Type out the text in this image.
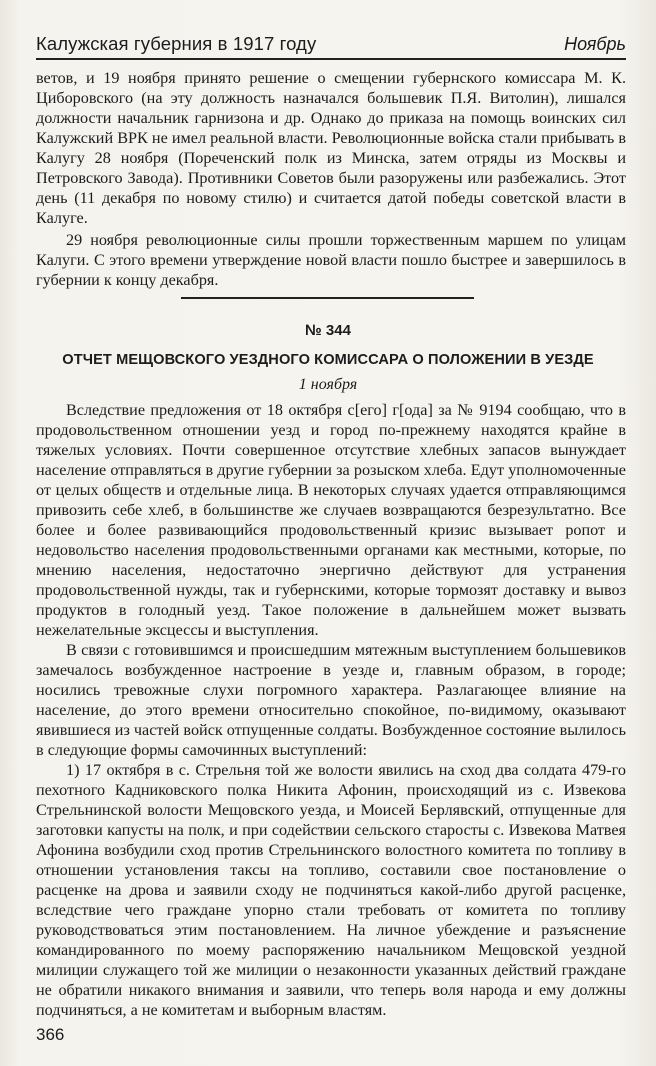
Калужская губерния в 1917 году	Ноябрь

ветов, и 19 ноября принято решение о смещении губернского комиссара М. К. Циборовского (на эту должность назначался большевик П.Я. Витолин), лишался должности начальник гарнизона и др. Однако до приказа на помощь воинских сил Калужский ВРК не имел реальной власти. Революционные войска стали прибывать в Калугу 28 ноября (Пореченский полк из Минска, затем отряды из Москвы и Петровского Завода). Противники Советов были разоружены или разбежались. Этот день (11 декабря по новому стилю) и считается датой победы советской власти в Калуге.

29 ноября революционные силы прошли торжественным маршем по улицам Калуги. С этого времени утверждение новой власти пошло быстрее и завершилось в губернии к концу декабря.

№ 344
ОТЧЕТ МЕЩОВСКОГО УЕЗДНОГО КОМИССАРА О ПОЛОЖЕНИИ В УЕЗДЕ
1 ноября

Вследствие предложения от 18 октября с[его] г[ода] за № 9194 сообщаю, что в продовольственном отношении уезд и город по-прежнему находятся крайне в тяжелых условиях. Почти совершенное отсутствие хлебных запасов вынуждает население отправляться в другие губернии за розыском хлеба. Едут уполномоченные от целых обществ и отдельные лица. В некоторых случаях удается отправляющимся привозить себе хлеб, в большинстве же случаев возвращаются безрезультатно. Все более и более развивающийся продовольственный кризис вызывает ропот и недовольство населения продовольственными органами как местными, которые, по мнению населения, недостаточно энергично действуют для устранения продовольственной нужды, так и губернскими, которые тормозят доставку и вывоз продуктов в голодный уезд. Такое положение в дальнейшем может вызвать нежелательные эксцессы и выступления.

В связи с готовившимся и происшедшим мятежным выступлением большевиков замечалось возбужденное настроение в уезде и, главным образом, в городе; носились тревожные слухи погромного характера. Разлагающее влияние на население, до этого времени относительно спокойное, по-видимому, оказывают явившиеся из частей войск отпущенные солдаты. Возбужденное состояние вылилось в следующие формы самочинных выступлений:

1) 17 октября в с. Стрельня той же волости явились на сход два солдата 479-го пехотного Кадниковского полка Никита Афонин, происходящий из с. Извекова Стрельнинской волости Мещовского уезда, и Моисей Берлявский, отпущенные для заготовки капусты на полк, и при содействии сельского старосты с. Извекова Матвея Афонина возбудили сход против Стрельнинского волостного комитета по топливу в отношении установления таксы на топливо, составили свое постановление о расценке на дрова и заявили сходу не подчиняться какой-либо другой расценке, вследствие чего граждане упорно стали требовать от комитета по топливу руководствоваться этим постановлением. На личное убеждение и разъяснение командированного по моему распоряжению начальником Мещовской уездной милиции служащего той же милиции о незаконности указанных действий граждане не обратили никакого внимания и заявили, что теперь воля народа и ему должны подчиняться, а не комитетам и выборным властям.

366
